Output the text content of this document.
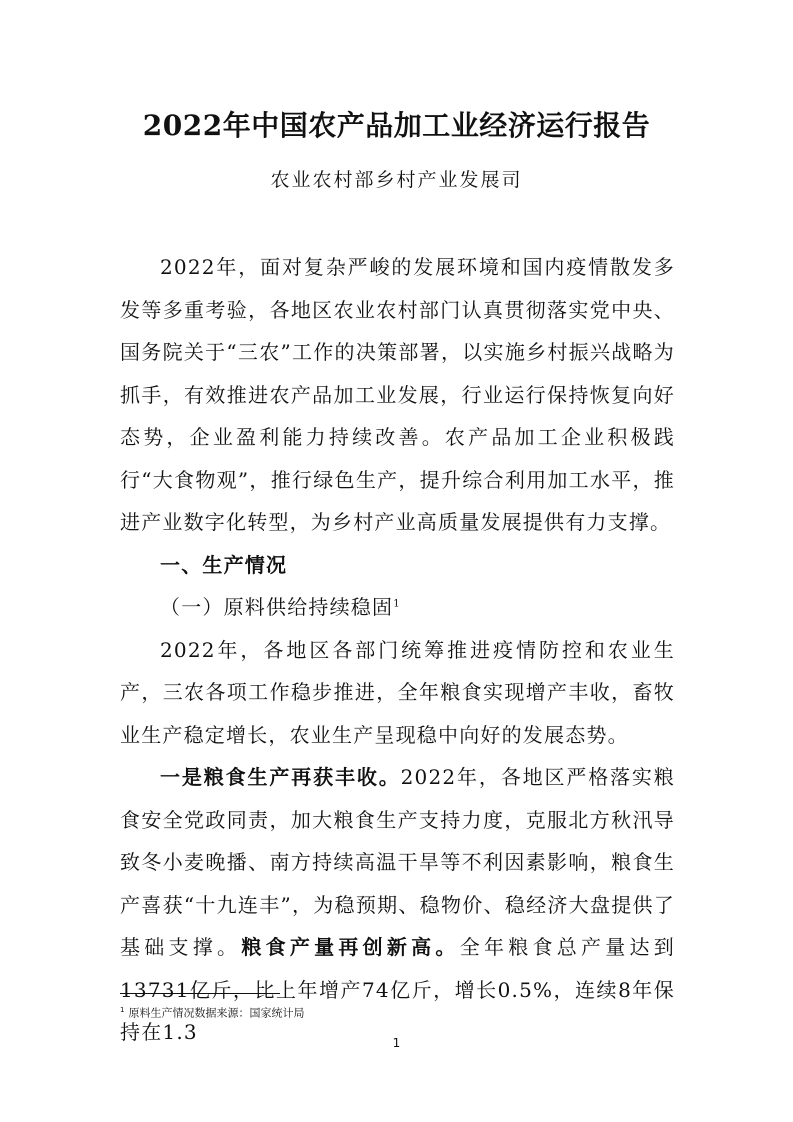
2022年中国农产品加工业经济运行报告
农业农村部乡村产业发展司

2022年，面对复杂严峻的发展环境和国内疫情散发多发等多重考验，各地区农业农村部门认真贯彻落实党中央、国务院关于“三农”工作的决策部署，以实施乡村振兴战略为抓手，有效推进农产品加工业发展，行业运行保持恢复向好态势，企业盈利能力持续改善。农产品加工企业积极践行“大食物观”，推行绿色生产，提升综合利用加工水平，推进产业数字化转型，为乡村产业高质量发展提供有力支撑。

一、生产情况

（一）原料供给持续稳固$^1$

2022年，各地区各部门统筹推进疫情防控和农业生产，三农各项工作稳步推进，全年粮食实现增产丰收，畜牧业生产稳定增长，农业生产呈现稳中向好的发展态势。

一是粮食生产再获丰收。2022年，各地区严格落实粮食安全党政同责，加大粮食生产支持力度，克服北方秋汛导致冬小麦晚播、南方持续高温干旱等不利因素影响，粮食生产喜获“十九连丰”，为稳预期、稳物价、稳经济大盘提供了基础支撑。粮食产量再创新高。全年粮食总产量达到13731亿斤，比上年增产74亿斤，增长0.5%，连续8年保持在1.3

$^1$ 原料生产情况数据来源：国家统计局
1
